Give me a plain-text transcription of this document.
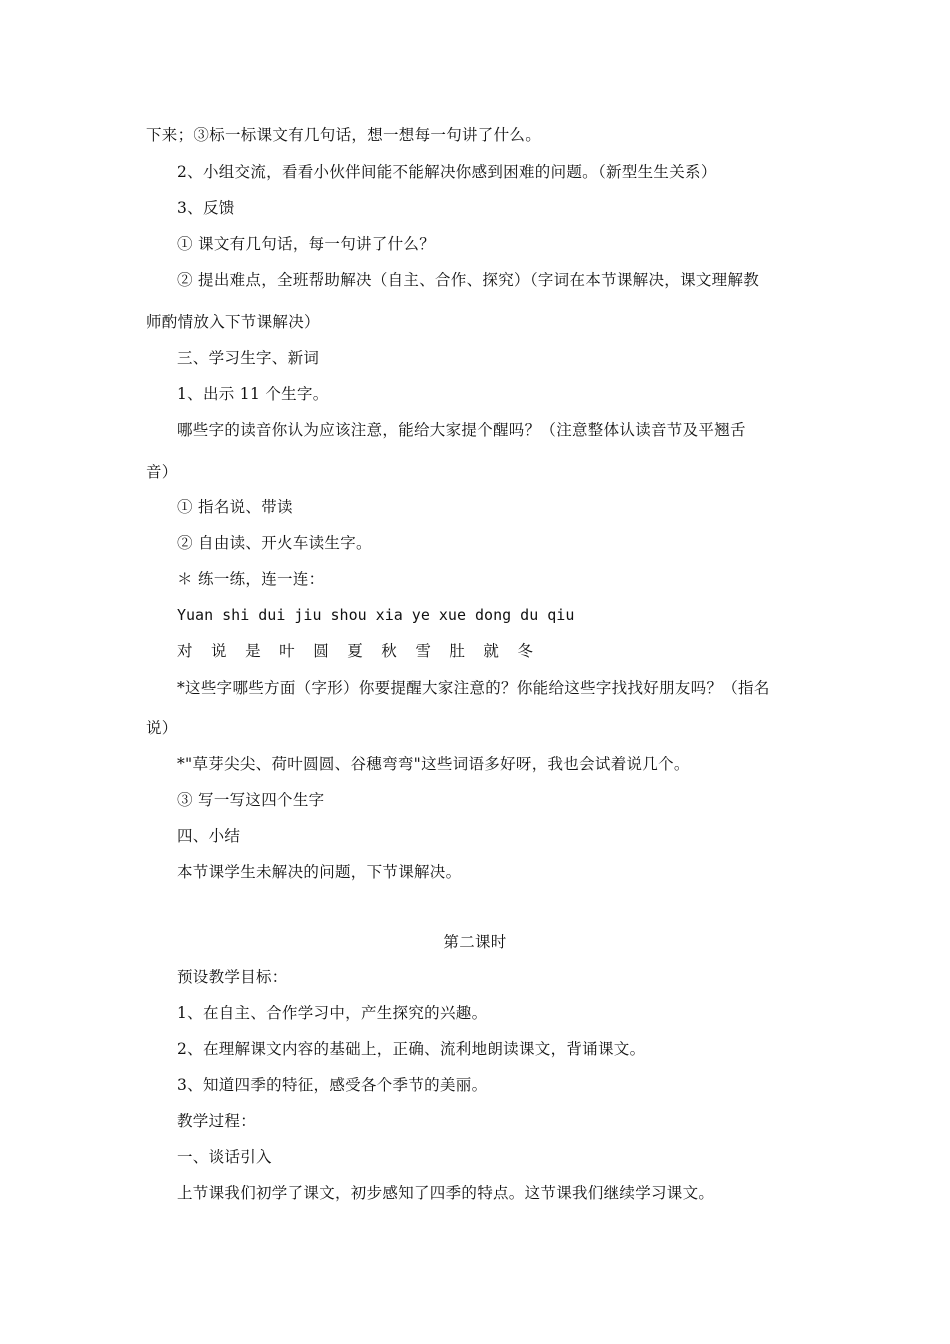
下来；③标一标课文有几句话，想一想每一句讲了什么。
2、小组交流，看看小伙伴间能不能解决你感到困难的问题。（新型生生关系）
3、反馈
① 课文有几句话，每一句讲了什么？
② 提出难点，全班帮助解决（自主、合作、探究）（字词在本节课解决，课文理解教
师酌情放入下节课解决）
三、学习生字、新词
1、出示 11 个生字。
哪些字的读音你认为应该注意，能给大家提个醒吗？（注意整体认读音节及平翘舌
音）
① 指名说、带读
② 自由读、开火车读生字。
＊ 练一练，连一连：
Yuan shi dui jiu shou xia ye xue dong du qiu
对 说 是 叶 圆 夏 秋 雪 肚 就 冬
*这些字哪些方面（字形）你要提醒大家注意的？你能给这些字找找好朋友吗？（指名
说）
*"草芽尖尖、荷叶圆圆、谷穗弯弯"这些词语多好呀，我也会试着说几个。
③ 写一写这四个生字
四、小结
本节课学生未解决的问题，下节课解决。
第二课时
预设教学目标：
1、在自主、合作学习中，产生探究的兴趣。
2、在理解课文内容的基础上，正确、流利地朗读课文，背诵课文。
3、知道四季的特征，感受各个季节的美丽。
教学过程：
一、谈话引入
上节课我们初学了课文，初步感知了四季的特点。这节课我们继续学习课文。
